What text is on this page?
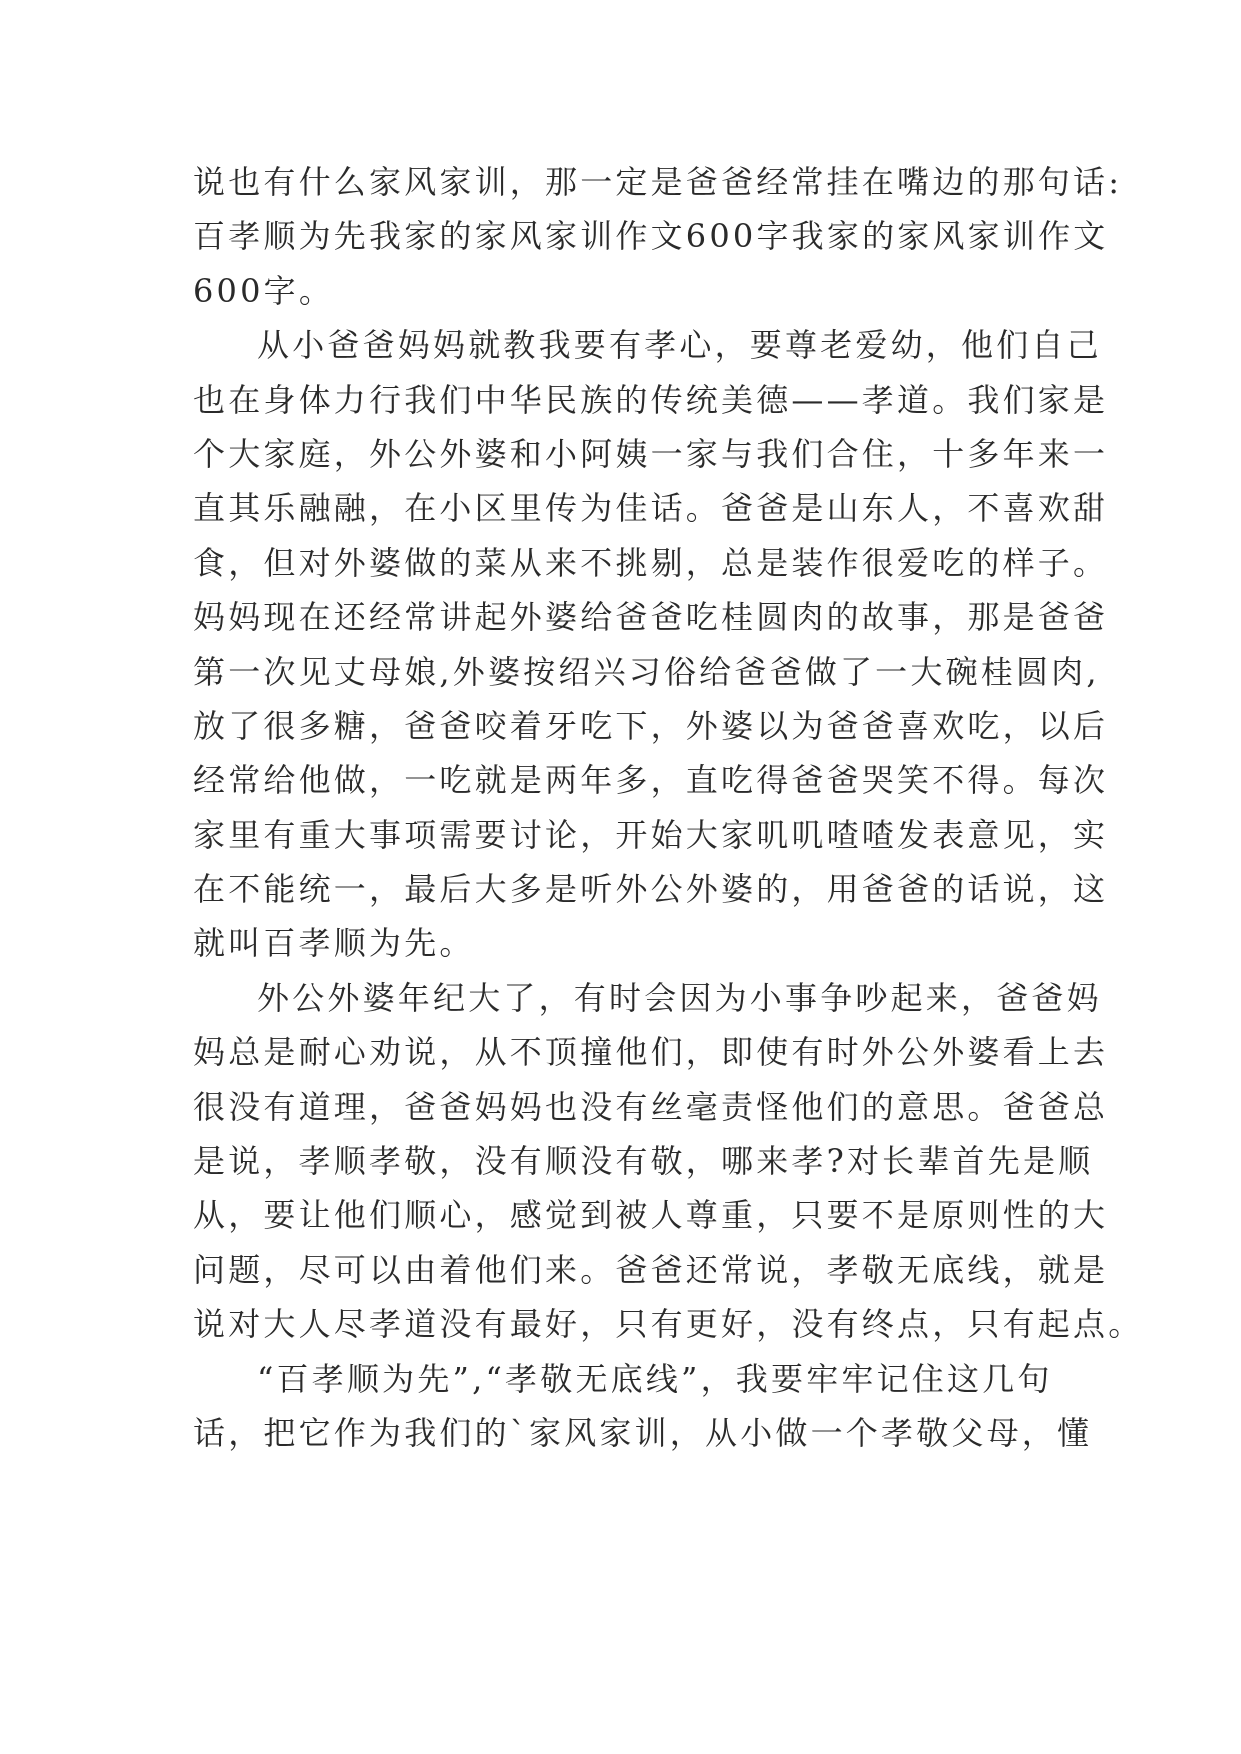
说也有什么家风家训，那一定是爸爸经常挂在嘴边的那句话:
百孝顺为先我家的家风家训作文600字我家的家风家训作文
600字。
从小爸爸妈妈就教我要有孝心，要尊老爱幼，他们自己
也在身体力行我们中华民族的传统美德——孝道。我们家是
个大家庭，外公外婆和小阿姨一家与我们合住，十多年来一
直其乐融融，在小区里传为佳话。爸爸是山东人，不喜欢甜
食，但对外婆做的菜从来不挑剔，总是装作很爱吃的样子。
妈妈现在还经常讲起外婆给爸爸吃桂圆肉的故事，那是爸爸
第一次见丈母娘,外婆按绍兴习俗给爸爸做了一大碗桂圆肉,
放了很多糖，爸爸咬着牙吃下，外婆以为爸爸喜欢吃，以后
经常给他做，一吃就是两年多，直吃得爸爸哭笑不得。每次
家里有重大事项需要讨论，开始大家叽叽喳喳发表意见，实
在不能统一，最后大多是听外公外婆的，用爸爸的话说，这
就叫百孝顺为先。
外公外婆年纪大了，有时会因为小事争吵起来，爸爸妈
妈总是耐心劝说，从不顶撞他们，即使有时外公外婆看上去
很没有道理，爸爸妈妈也没有丝毫责怪他们的意思。爸爸总
是说，孝顺孝敬，没有顺没有敬，哪来孝?对长辈首先是顺
从，要让他们顺心，感觉到被人尊重，只要不是原则性的大
问题，尽可以由着他们来。爸爸还常说，孝敬无底线，就是
说对大人尽孝道没有最好，只有更好，没有终点，只有起点。
“百孝顺为先”,“孝敬无底线”，我要牢牢记住这几句
话，把它作为我们的`家风家训，从小做一个孝敬父母，懂
